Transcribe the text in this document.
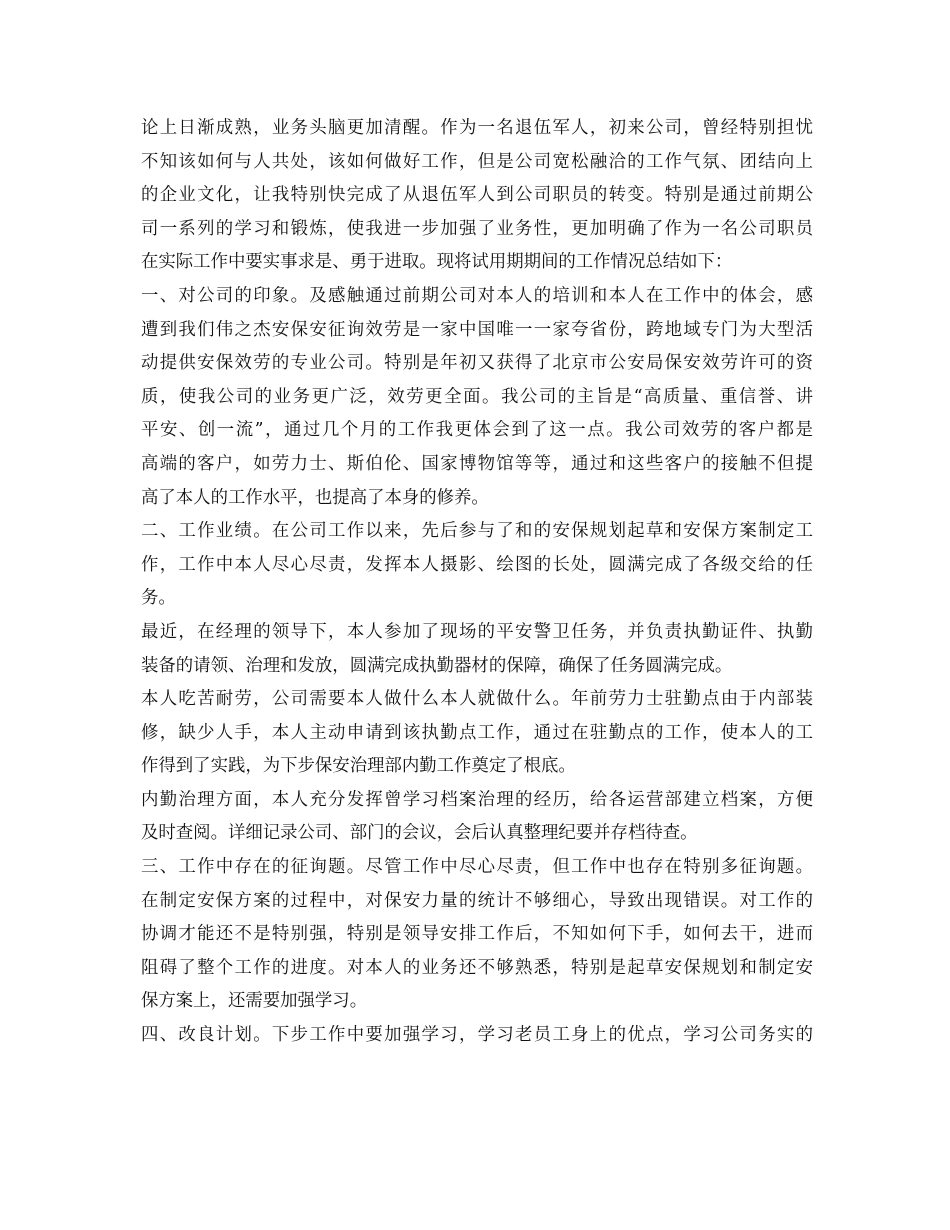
论上日渐成熟，业务头脑更加清醒。作为一名退伍军人，初来公司，曾经特别担忧
不知该如何与人共处，该如何做好工作，但是公司宽松融洽的工作气氛、团结向上
的企业文化，让我特别快完成了从退伍军人到公司职员的转变。特别是通过前期公
司一系列的学习和锻炼，使我进一步加强了业务性，更加明确了作为一名公司职员
在实际工作中要实事求是、勇于进取。现将试用期期间的工作情况总结如下：
一、对公司的印象。及感触通过前期公司对本人的培训和本人在工作中的体会，感
遭到我们伟之杰安保安征询效劳是一家中国唯一一家夸省份，跨地域专门为大型活
动提供安保效劳的专业公司。特别是年初又获得了北京市公安局保安效劳许可的资
质，使我公司的业务更广泛，效劳更全面。我公司的主旨是“高质量、重信誉、讲
平安、创一流”，通过几个月的工作我更体会到了这一点。我公司效劳的客户都是
高端的客户，如劳力士、斯伯伦、国家博物馆等等，通过和这些客户的接触不但提
高了本人的工作水平，也提高了本身的修养。
二、工作业绩。在公司工作以来，先后参与了和的安保规划起草和安保方案制定工
作，工作中本人尽心尽责，发挥本人摄影、绘图的长处，圆满完成了各级交给的任
务。
最近，在经理的领导下，本人参加了现场的平安警卫任务，并负责执勤证件、执勤
装备的请领、治理和发放，圆满完成执勤器材的保障，确保了任务圆满完成。
本人吃苦耐劳，公司需要本人做什么本人就做什么。年前劳力士驻勤点由于内部装
修，缺少人手，本人主动申请到该执勤点工作，通过在驻勤点的工作，使本人的工
作得到了实践，为下步保安治理部内勤工作奠定了根底。
内勤治理方面，本人充分发挥曾学习档案治理的经历，给各运营部建立档案，方便
及时查阅。详细记录公司、部门的会议，会后认真整理纪要并存档待查。
三、工作中存在的征询题。尽管工作中尽心尽责，但工作中也存在特别多征询题。
在制定安保方案的过程中，对保安力量的统计不够细心，导致出现错误。对工作的
协调才能还不是特别强，特别是领导安排工作后，不知如何下手，如何去干，进而
阻碍了整个工作的进度。对本人的业务还不够熟悉，特别是起草安保规划和制定安
保方案上，还需要加强学习。
四、改良计划。下步工作中要加强学习，学习老员工身上的优点，学习公司务实的
